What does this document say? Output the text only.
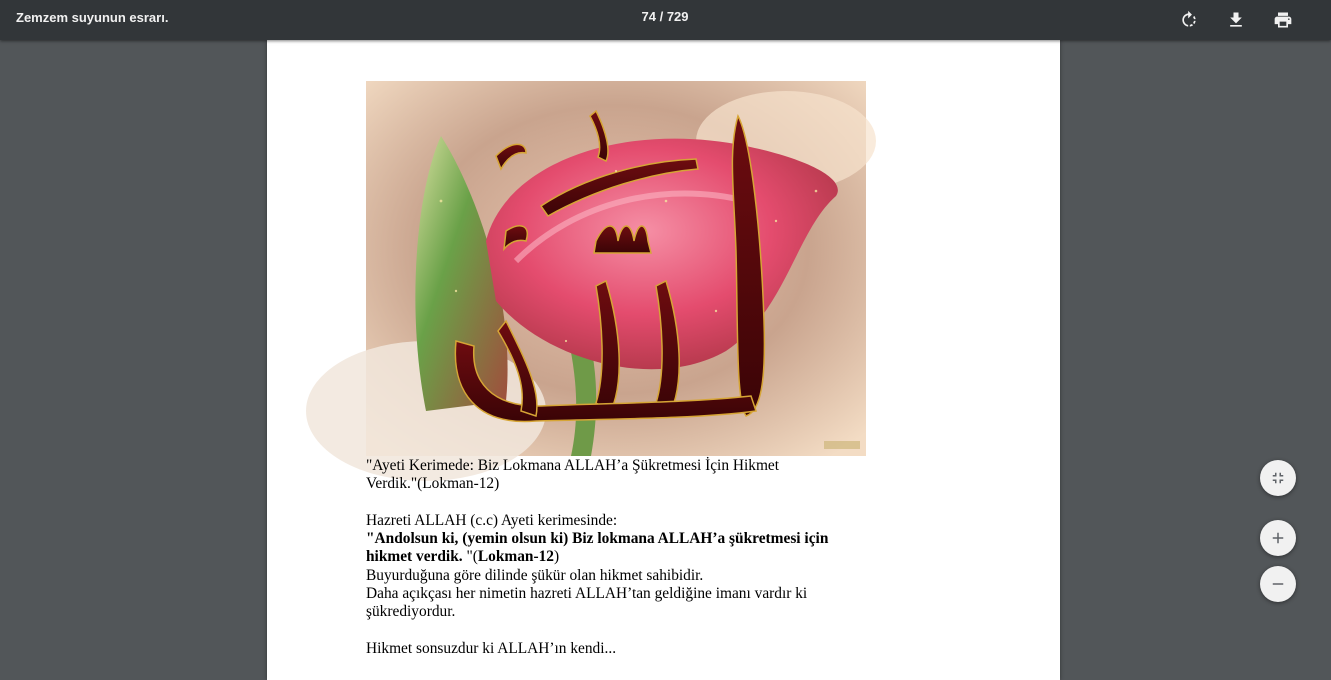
Zemzem suyunun esrarı.	74 / 729

"Ayeti Kerimede: Biz Lokmana ALLAH’a Şükretmesi İçin Hikmet

Verdik."(Lokman-12)

Hazreti ALLAH (c.c) Ayeti kerimesinde:

"Andolsun ki, (yemin olsun ki) Biz lokmana ALLAH’a şükretmesi için

hikmet verdik. "(Lokman-12)

Buyurduğuna göre dilinde şükür olan hikmet sahibidir.

Daha açıkçası her nimetin hazreti ALLAH’tan geldiğine imanı vardır ki

şükrediyordur.

Hikmet sonsuzdur ki ALLAH’ın kendi...
